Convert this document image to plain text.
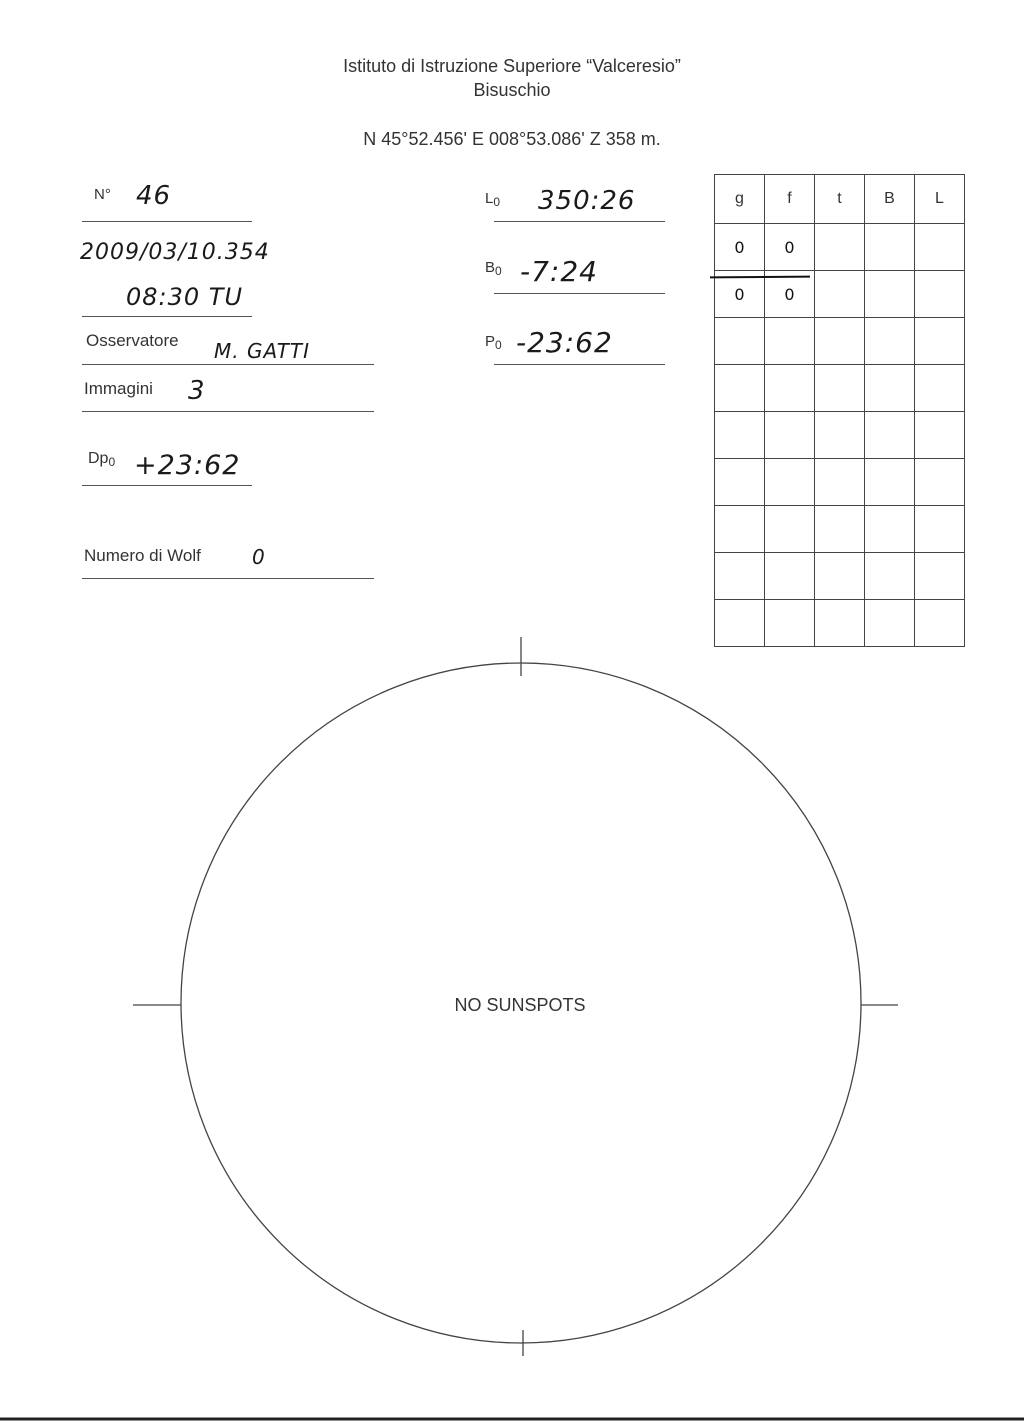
Istituto di Istruzione Superiore “Valceresio”
Bisuschio
N 45°52.456' E 008°53.086' Z 358 m.
N° 46
2009/03/10.354
08:30 TU
Osservatore M. GATTI
Immagini 3
$Dp_0$ +23:62
Numero di Wolf	0
$L_0$ 350:26
$B_0$ -7:24
$P_0$ -23:62
g	f	t	B	L
0	0			
0	0			

NO SUNSPOTS
